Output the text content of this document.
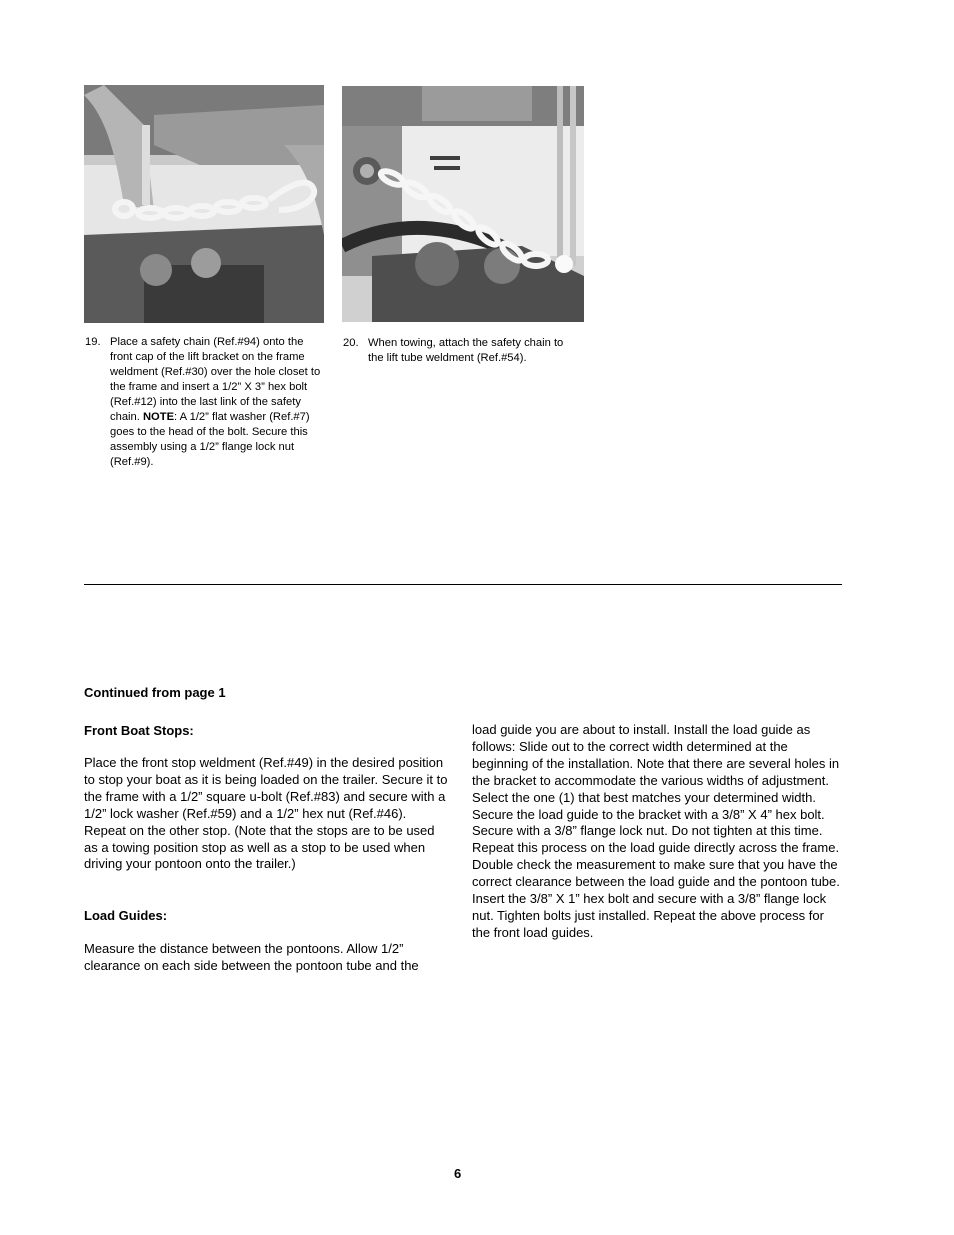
19. Place a safety chain (Ref.#94) onto the front cap of the lift bracket on the frame weldment (Ref.#30) over the hole closet to the frame and insert a 1/2” X 3” hex bolt (Ref.#12) into the last link of the safety chain. NOTE: A 1/2” flat washer (Ref.#7) goes to the head of the bolt. Secure this assembly using a 1/2” flange lock nut (Ref.#9).
20. When towing, attach the safety chain to the lift tube weldment (Ref.#54).
Continued from page 1
Front Boat Stops:
Place the front stop weldment (Ref.#49) in the desired position to stop your boat as it is being loaded on the trailer. Secure it to the frame with a 1/2” square u-bolt (Ref.#83) and secure with a 1/2” lock washer (Ref.#59) and a 1/2” hex nut (Ref.#46). Repeat on the other stop. (Note that the stops are to be used as a towing position stop as well as a stop to be used when driving your pontoon onto the trailer.)
Load Guides:
Measure the distance between the pontoons. Allow 1/2” clearance on each side between the pontoon tube and the
load guide you are about to install. Install the load guide as follows: Slide out to the correct width determined at the beginning of the installation. Note that there are several holes in the bracket to accommodate the various widths of adjustment. Select the one (1) that best matches your determined width. Secure the load guide to the bracket with a 3/8” X 4” hex bolt. Secure with a 3/8” flange lock nut. Do not tighten at this time. Repeat this process on the load guide directly across the frame. Double check the measurement to make sure that you have the correct clearance between the load guide and the pontoon tube. Insert the 3/8” X 1” hex bolt and secure with a 3/8” flange lock nut. Tighten bolts just installed. Repeat the above process for the front load guides.
6
